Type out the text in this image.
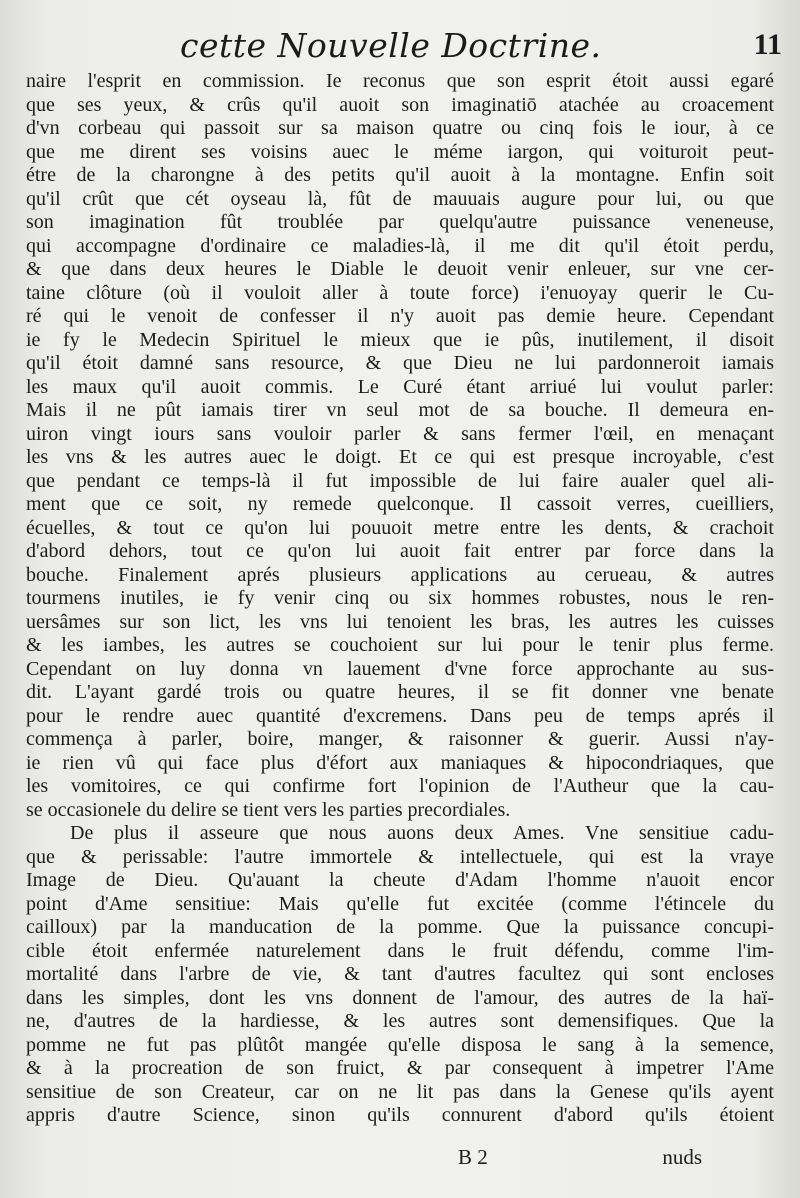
cette Nouvelle Doctrine.	11
naire l'esprit en commission. Ie reconus que son esprit étoit aussi egaré
que ses yeux, & crûs qu'il auoit son imaginatiō atachée au croacement
d'vn corbeau qui passoit sur sa maison quatre ou cinq fois le iour, à ce
que me dirent ses voisins auec le méme iargon, qui voituroit peut-
étre de la charongne à des petits qu'il auoit à la montagne. Enfin soit
qu'il crût que cét oyseau là, fût de mauuais augure pour lui, ou que
son imagination fût troublée par quelqu'autre puissance veneneuse,
qui accompagne d'ordinaire ce maladies-là, il me dit qu'il étoit perdu,
& que dans deux heures le Diable le deuoit venir enleuer, sur vne cer-
taine clôture (où il vouloit aller à toute force) i'enuoyay querir le Cu-
ré qui le venoit de confesser il n'y auoit pas demie heure. Cependant
ie fy le Medecin Spirituel le mieux que ie pûs, inutilement, il disoit
qu'il étoit damné sans resource, & que Dieu ne lui pardonneroit iamais
les maux qu'il auoit commis. Le Curé étant arriué lui voulut parler:
Mais il ne pût iamais tirer vn seul mot de sa bouche. Il demeura en-
uiron vingt iours sans vouloir parler & sans fermer l'œil, en menaçant
les vns & les autres auec le doigt. Et ce qui est presque incroyable, c'est
que pendant ce temps-là il fut impossible de lui faire aualer quel ali-
ment que ce soit, ny remede quelconque. Il cassoit verres, cueilliers,
écuelles, & tout ce qu'on lui pouuoit metre entre les dents, & crachoit
d'abord dehors, tout ce qu'on lui auoit fait entrer par force dans la
bouche. Finalement aprés plusieurs applications au cerueau, & autres
tourmens inutiles, ie fy venir cinq ou six hommes robustes, nous le ren-
uersâmes sur son lict, les vns lui tenoient les bras, les autres les cuisses
& les iambes, les autres se couchoient sur lui pour le tenir plus ferme.
Cependant on luy donna vn lauement d'vne force approchante au sus-
dit. L'ayant gardé trois ou quatre heures, il se fit donner vne benate
pour le rendre auec quantité d'excremens. Dans peu de temps aprés il
commença à parler, boire, manger, & raisonner & guerir. Aussi n'ay-
ie rien vû qui face plus d'éfort aux maniaques & hipocondriaques, que
les vomitoires, ce qui confirme fort l'opinion de l'Autheur que la cau-
se occasionele du delire se tient vers les parties precordiales.
De plus il asseure que nous auons deux Ames. Vne sensitiue cadu-
que & perissable: l'autre immortele & intellectuele, qui est la vraye
Image de Dieu. Qu'auant la cheute d'Adam l'homme n'auoit encor
point d'Ame sensitiue: Mais qu'elle fut excitée (comme l'étincele du
cailloux) par la manducation de la pomme. Que la puissance concupi-
cible étoit enfermée naturelement dans le fruit défendu, comme l'im-
mortalité dans l'arbre de vie, & tant d'autres facultez qui sont encloses
dans les simples, dont les vns donnent de l'amour, des autres de la haï-
ne, d'autres de la hardiesse, & les autres sont demensifiques. Que la
pomme ne fut pas plûtôt mangée qu'elle disposa le sang à la semence,
& à la procreation de son fruict, & par consequent à impetrer l'Ame
sensitiue de son Createur, car on ne lit pas dans la Genese qu'ils ayent
appris d'autre Science, sinon qu'ils connurent d'abord qu'ils étoient
B 2	nuds
